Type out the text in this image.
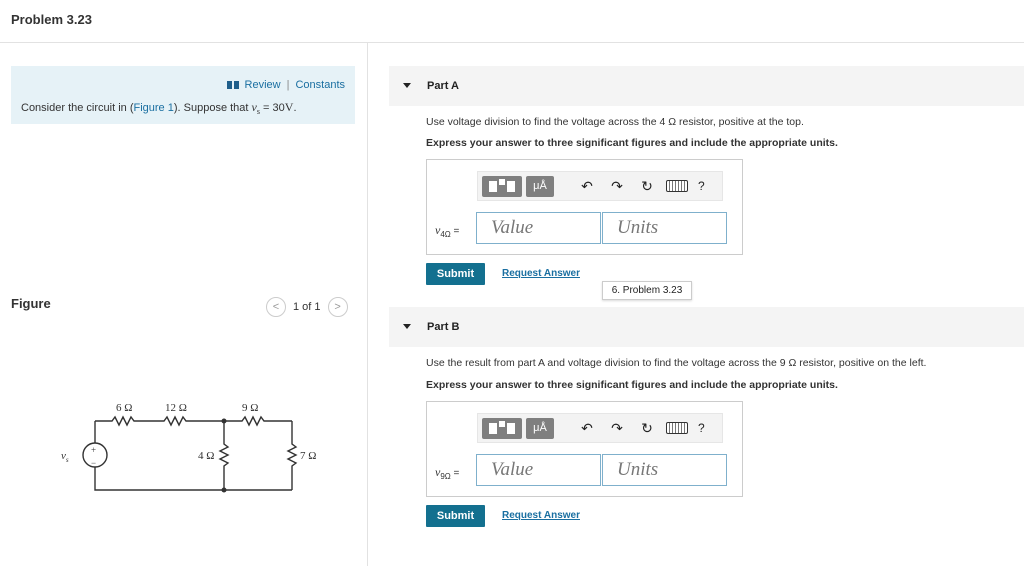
Problem 3.23
Review | Constants
Consider the circuit in (Figure 1). Suppose that $v_s = 30V$.
Figure	<	1 of 1	>
6 Ω	12 Ω	9 Ω
4 Ω	7 Ω
+
−
$v_s$
Part A
Use voltage division to find the voltage across the 4 Ω resistor, positive at the top.
Express your answer to three significant figures and include the appropriate units.
μÅ	↶	↷	↻	?
$v_{4\Omega}$ =	Value	Units
Submit	Request Answer
6. Problem 3.23
Part B
Use the result from part A and voltage division to find the voltage across the 9 Ω resistor, positive on the left.
Express your answer to three significant figures and include the appropriate units.
μÅ	↶	↷	↻	?
$v_{9\Omega}$ =	Value	Units
Submit	Request Answer
